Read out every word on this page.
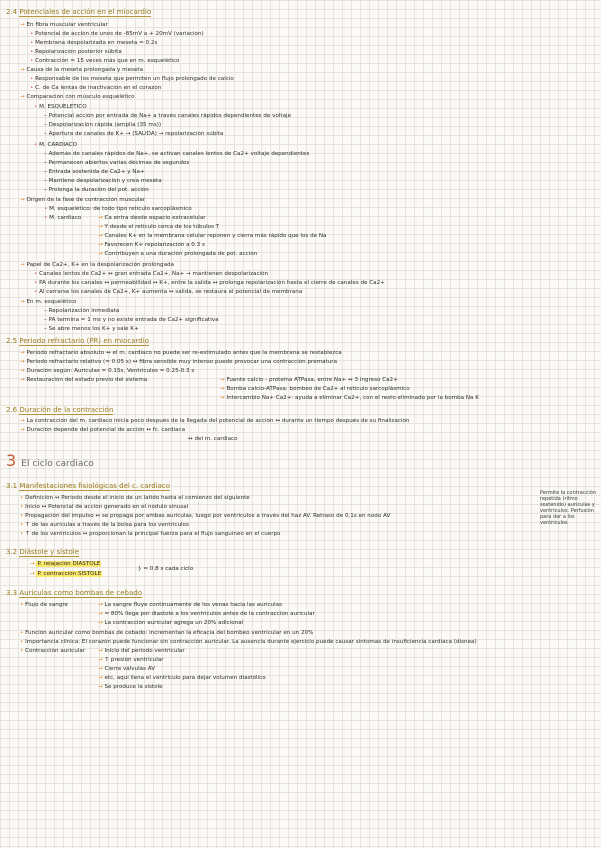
2.4 Potenciales de acción en el miocardio
→ En fibra muscular ventricular
• Potencial de acción de unos de -85mV a + 20mV (variación)
• Membrana despolarizada en meseta ≈ 0.2s
• Repolarización posterior súbita
• Contracción ≈ 15 veces más que en m. esquelético
→ Causa de la meseta prolongada y meseta
• Responsable de los meseta que permiten un flujo prolongado de calcio
• C. de Ca lentas de inactivación en el corazón
→ Comparación con músculo esquelético
• M. ESQUELÉTICO
– Potencial acción por entrada de Na+ a través canales rápidos dependientes de voltaje
– Despolarización rápida (amplia (35 ms))
– Apertura de canales de K+ → (SALIDA) → repolarización súbita
• M. CARDIACO
– Además de canales rápidos de Na+, se activan canales lentos de Ca2+ voltaje dependientes
– Permanecen abiertos varias décimas de segundos
– Entrada sostenida de Ca2+ y Na+
– Mantiene despolarización y crea meseta
– Prolonga la duración del pot. acción
→ Origen de la fase de contracción muscular
• M. esquelético: de todo tipo retículo sarcoplásmico
• M. cardiaco	→ Ca entra desde espacio extracelular
→ Y desde el retículo cerca de los túbulos T
→ Canales K+ en la membrana celular reponen y cierra más rápido que los de Na
→ Favorecen K+ repolarización a 0.3 s
→ Contribuyen a una duración prolongada de pot. acción
→ Papel de Ca2+, K+ en la despolarización prolongada
• Canales lentos de Ca2+ ↔ gran entrada Ca2+, Na+ → mantienen despolarización
• PA durante los canales ↔ permeabilidad ↔ K+, entre la salida ↔ prolonga repolarización hasta el cierre de canales de Ca2+
• Al cerrarse los canales de Ca2+, K+ aumenta ↔ salida, se restaura el potencial de membrana
→ En m. esquelético
– Repolarización inmediata
– PA termina ≈ 1 ms y no existe entrada de Ca2+ significativa
– Se abre menos los K+ y sale K+
2.5 Periodo refractario (PR) en miocardio
→ Periodo refractario absoluto ↔ el m. cardiaco no puede ser re-estimulado antes que la membrana se restablezca
→ Periodo refractario relativo (≈ 0.05 s) ↔ fibra sensible muy intenso puede provocar una contracción prematura
→ Duración según: Aurículas ≈ 0.15s, Ventrículos ≈ 0.25-0.3 s
→ Restauración del estado previo del sistema	→ Fuente calcio - proteína ATPasa, entre Na+ ↔ 3 ingreso Ca2+
→ Bomba calcio-ATPasa: bombeo de Ca2+ al retículo sarcoplásmico
→ Intercambio Na+ Ca2+: ayuda a eliminar Ca2+, con el resto eliminado por la bomba Na K
2.6 Duración de la contracción
→ La contracción del m. cardiaco inicia poco después de la llegada del potencial de acción ↔ durante un tiempo después de su finalización
→ Duración depende del potencial de acción ↔ fc. cardiaca
↔ del m. cardiaco
3 El ciclo cardiaco
3.1 Manifestaciones fisiológicas del c. cardiaco
• Definición ↔ Periodo desde el inicio de un latido hasta el comienzo del siguiente
• Inicio ↔ Potencial de acción generado en el nódulo sinusal
• Propagación del impulso ↔ se propaga por ambas aurículas, luego por ventrículos a través del haz AV. Retraso de 0.1s en nodo AV
• ↑ de las aurículas a través de la bolsa para los ventrículos
• ↑ de los ventrículos ↔ proporcionan la principal fuerza para el flujo sanguíneo en el cuerpo
Permite la contracción repetida (ritmo sostenido) aurículas y ventrículos. Perfusión para dar a los ventrículos
3.2 Diástole y sístole
→ P. relajación DIÁSTOLE
→ P. contracción SÍSTOLE
} ≈ 0.8 s cada ciclo
3.3 Aurículas como bombas de cebado
• Flujo de sangre	→ La sangre fluye continuamente de los venas hacia las aurículas
→ ≈ 80% llega por diastole a los ventrículos antes de la contracción auricular
→ La contracción auricular agrega un 20% adicional
• Función auricular como bombas de cebado: incrementan la eficacia del bombeo ventricular en un 20%
• Importancia clínica: El corazón puede funcionar sin contracción auricular. La ausencia durante ejercicio puede causar síntomas de insuficiencia cardiaca (disnea)
• Contracción auricular → Inicio del periodo ventricular
→ ↑ presión ventricular
→ Cierre válvulas AV
→ etc, aquí llena el ventrículo para dejar volumen diastólico
→ Se produce la sístole
